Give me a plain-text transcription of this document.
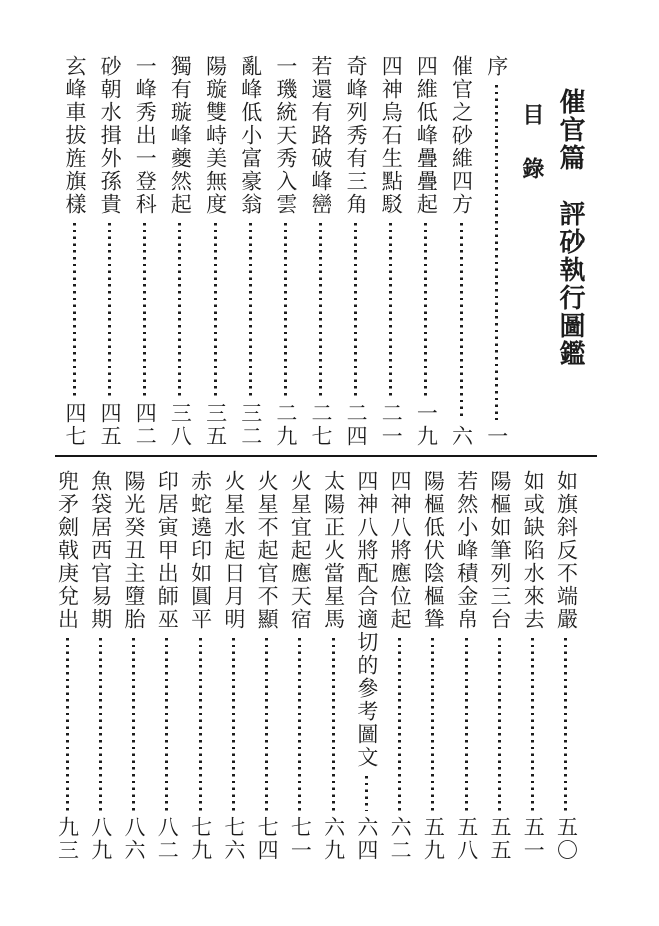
催官篇　評砂執行圖鑑
目錄
序
一
催官之砂維四方
六
四維低峰疊疊起
一九
四神烏石生點駁
二一
奇峰列秀有三角
二四
若還有路破峰巒
二七
一璣統天秀入雲
二九
亂峰低小富豪翁
三二
陽璇雙峙美無度
三五
獨有璇峰夔然起
三八
一峰秀出一登科
四二
砂朝水揖外孫貴
四五
玄峰車拔旌旗樣
四七
如旗斜反不端嚴
五〇
如或缺陷水來去
五一
陽樞如筆列三台
五五
若然小峰積金帛
五八
陽樞低伏陰樞聳
五九
四神八將應位起
六二
四神八將配合適切的參考圖文
六四
太陽正火當星馬
六九
火星宜起應天宿
七一
火星不起官不顯
七四
火星水起日月明
七六
赤蛇遶印如圓平
七九
印居寅甲出師巫
八二
陽光癸丑主墮胎
八六
魚袋居西官易期
八九
兜矛劍戟庚兌出
九三
